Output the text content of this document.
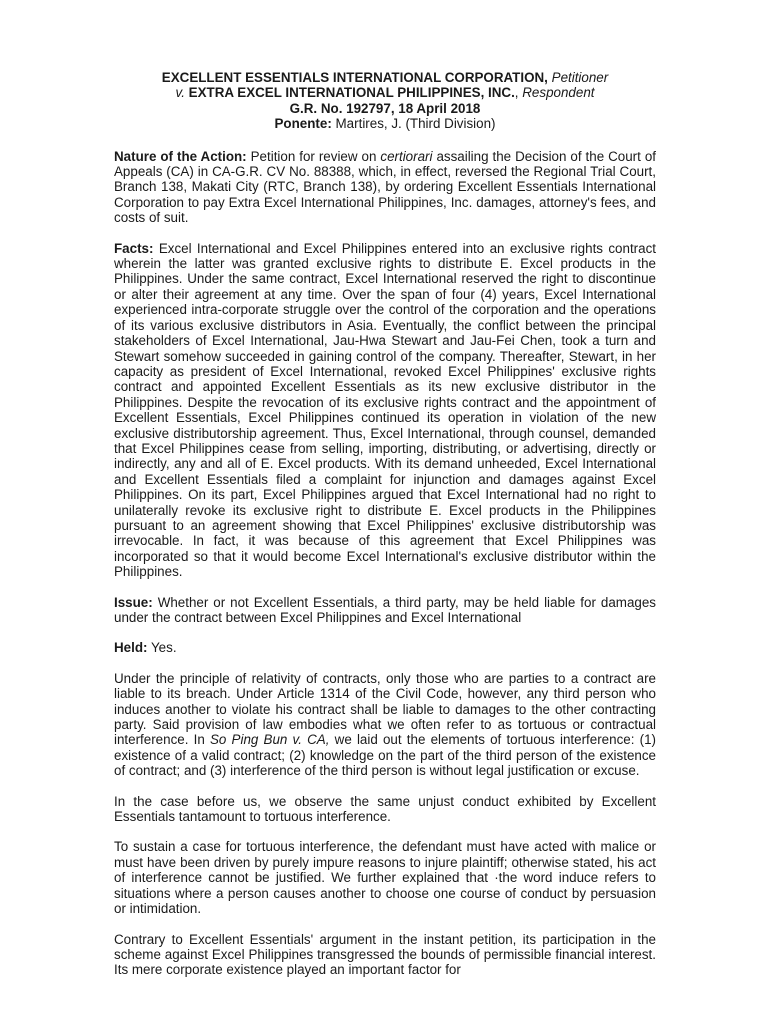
EXCELLENT ESSENTIALS INTERNATIONAL CORPORATION, Petitioner
v. EXTRA EXCEL INTERNATIONAL PHILIPPINES, INC., Respondent
G.R. No. 192797, 18 April 2018
Ponente: Martires, J. (Third Division)

Nature of the Action: Petition for review on certiorari assailing the Decision of the Court of Appeals (CA) in CA-G.R. CV No. 88388, which, in effect, reversed the Regional Trial Court, Branch 138, Makati City (RTC, Branch 138), by ordering Excellent Essentials International Corporation to pay Extra Excel International Philippines, Inc. damages, attorney's fees, and costs of suit.

Facts: Excel International and Excel Philippines entered into an exclusive rights contract wherein the latter was granted exclusive rights to distribute E. Excel products in the Philippines. Under the same contract, Excel International reserved the right to discontinue or alter their agreement at any time. Over the span of four (4) years, Excel International experienced intra-corporate struggle over the control of the corporation and the operations of its various exclusive distributors in Asia. Eventually, the conflict between the principal stakeholders of Excel International, Jau-Hwa Stewart and Jau-Fei Chen, took a turn and Stewart somehow succeeded in gaining control of the company. Thereafter, Stewart, in her capacity as president of Excel International, revoked Excel Philippines' exclusive rights contract and appointed Excellent Essentials as its new exclusive distributor in the Philippines. Despite the revocation of its exclusive rights contract and the appointment of Excellent Essentials, Excel Philippines continued its operation in violation of the new exclusive distributorship agreement. Thus, Excel International, through counsel, demanded that Excel Philippines cease from selling, importing, distributing, or advertising, directly or indirectly, any and all of E. Excel products. With its demand unheeded, Excel International and Excellent Essentials filed a complaint for injunction and damages against Excel Philippines. On its part, Excel Philippines argued that Excel International had no right to unilaterally revoke its exclusive right to distribute E. Excel products in the Philippines pursuant to an agreement showing that Excel Philippines' exclusive distributorship was irrevocable. In fact, it was because of this agreement that Excel Philippines was incorporated so that it would become Excel International's exclusive distributor within the Philippines.

Issue: Whether or not Excellent Essentials, a third party, may be held liable for damages under the contract between Excel Philippines and Excel International

Held: Yes.

Under the principle of relativity of contracts, only those who are parties to a contract are liable to its breach. Under Article 1314 of the Civil Code, however, any third person who induces another to violate his contract shall be liable to damages to the other contracting party. Said provision of law embodies what we often refer to as tortuous or contractual interference. In So Ping Bun v. CA, we laid out the elements of tortuous interference: (1) existence of a valid contract; (2) knowledge on the part of the third person of the existence of contract; and (3) interference of the third person is without legal justification or excuse.

In the case before us, we observe the same unjust conduct exhibited by Excellent Essentials tantamount to tortuous interference.

To sustain a case for tortuous interference, the defendant must have acted with malice or must have been driven by purely impure reasons to injure plaintiff; otherwise stated, his act of interference cannot be justified. We further explained that ·the word induce refers to situations where a person causes another to choose one course of conduct by persuasion or intimidation.

Contrary to Excellent Essentials' argument in the instant petition, its participation in the scheme against Excel Philippines transgressed the bounds of permissible financial interest. Its mere corporate existence played an important factor for
